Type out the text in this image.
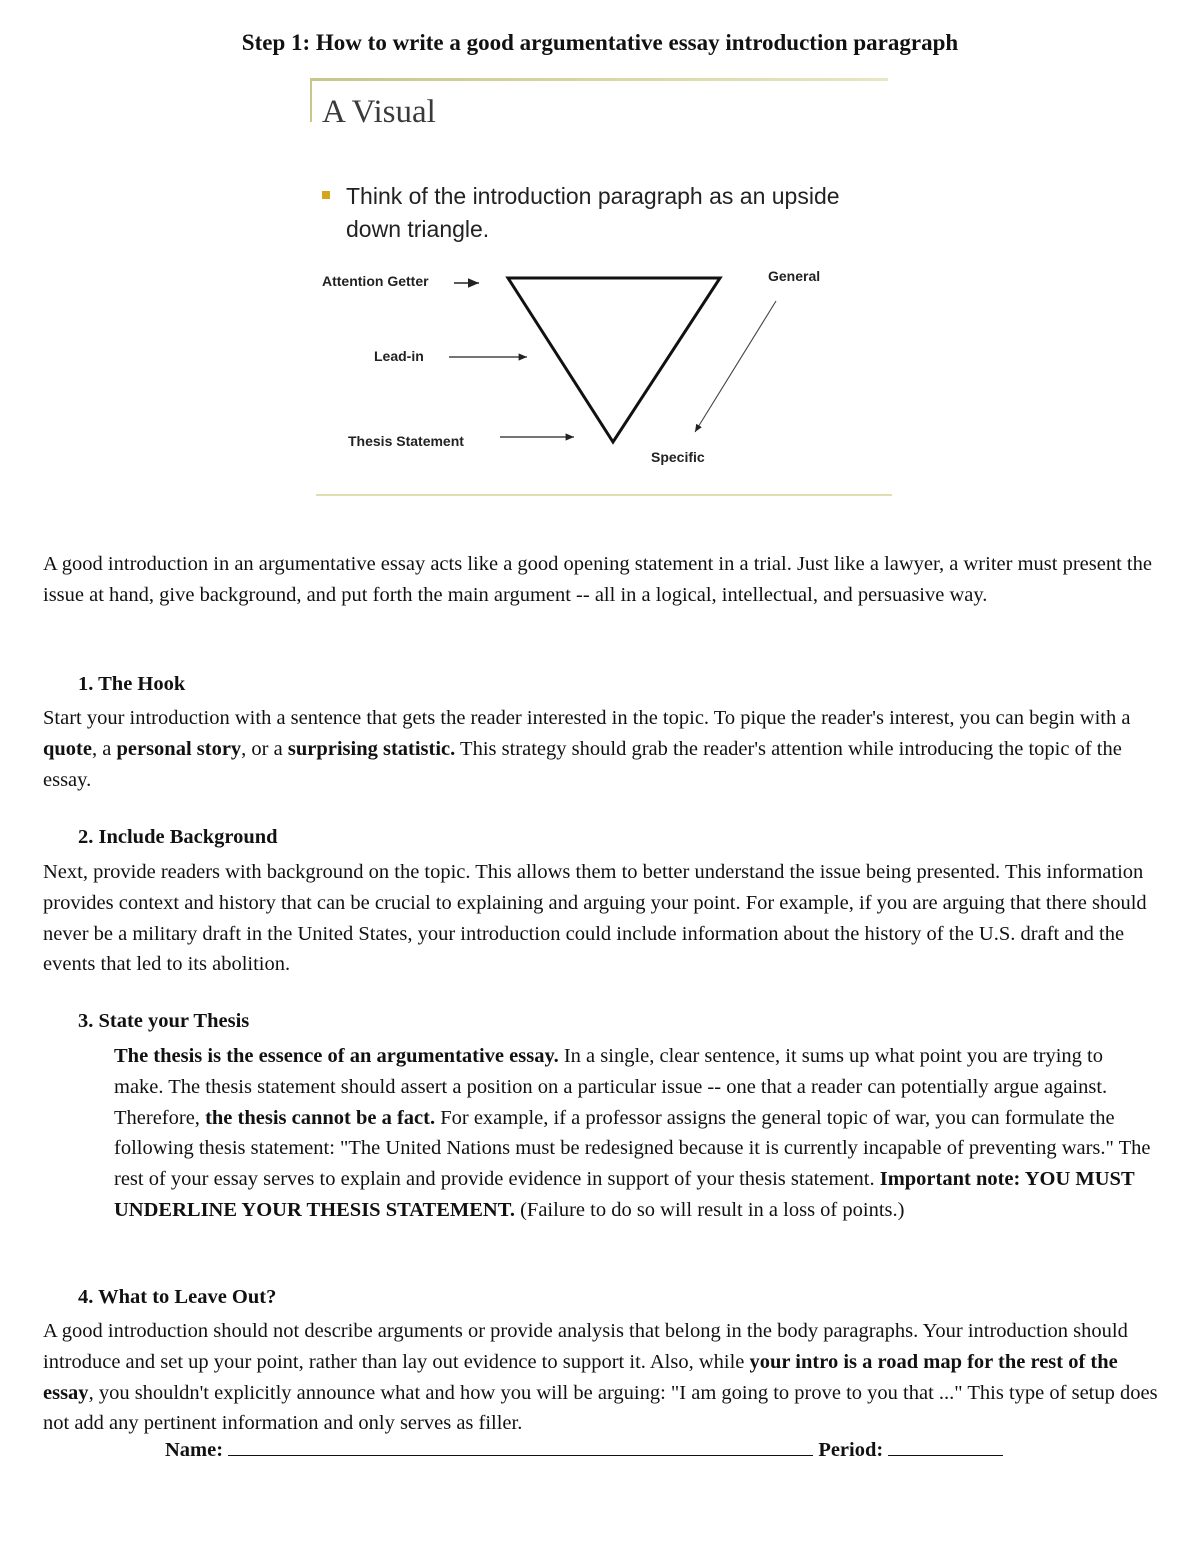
Step 1: How to write a good argumentative essay introduction paragraph
A Visual
Think of the introduction paragraph as an upside down triangle.
Attention Getter
Lead-in
Thesis Statement
General
Specific

A good introduction in an argumentative essay acts like a good opening statement in a trial. Just like a lawyer, a writer must present the issue at hand, give background, and put forth the main argument -- all in a logical, intellectual, and persuasive way.

1. The Hook

Start your introduction with a sentence that gets the reader interested in the topic. To pique the reader's interest, you can begin with a quote, a personal story, or a surprising statistic. This strategy should grab the reader's attention while introducing the topic of the essay.

2. Include Background

Next, provide readers with background on the topic. This allows them to better understand the issue being presented. This information provides context and history that can be crucial to explaining and arguing your point. For example, if you are arguing that there should never be a military draft in the United States, your introduction could include information about the history of the U.S. draft and the events that led to its abolition.

3. State your Thesis

The thesis is the essence of an argumentative essay. In a single, clear sentence, it sums up what point you are trying to make. The thesis statement should assert a position on a particular issue -- one that a reader can potentially argue against. Therefore, the thesis cannot be a fact. For example, if a professor assigns the general topic of war, you can formulate the following thesis statement: "The United Nations must be redesigned because it is currently incapable of preventing wars." The rest of your essay serves to explain and provide evidence in support of your thesis statement. Important note: YOU MUST UNDERLINE YOUR THESIS STATEMENT. (Failure to do so will result in a loss of points.)

4. What to Leave Out?

A good introduction should not describe arguments or provide analysis that belong in the body paragraphs. Your introduction should introduce and set up your point, rather than lay out evidence to support it. Also, while your intro is a road map for the rest of the essay, you shouldn't explicitly announce what and how you will be arguing: "I am going to prove to you that ..." This type of setup does not add any pertinent information and only serves as filler.

Name:	Period:
